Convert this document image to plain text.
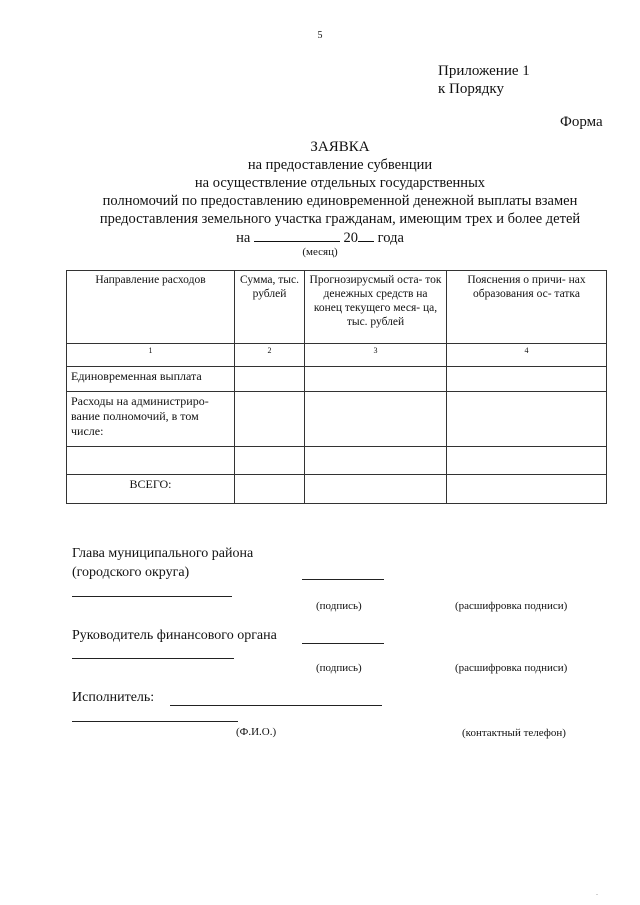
5
Приложение 1
к Порядку
Форма
ЗАЯВКА
на предоставление субвенции
на осуществление отдельных государственных
полномочий по предоставлению единовременной денежной выплаты взамен
предоставления земельного участка гражданам, имеющим трех и более детей
на	20 года
(месяц)
Направление расходов	Сумма, тыс. рублей	Прогнозирусмый оста- ток денежных средств на конец текущего меся- ца, тыс. рублей	Пояснения о причи- нах образования ос- татка
1	2	3	4
Единовременная выплата			
Расходы на администриро- вание полномочий, в том числе:			

ВСЕГО:			
Глава муниципального района
(городского округа)
(подпись)	(расшифровка подниси)
Руководитель финансового органа
(подпись)	(расшифровка подниси)
Исполнитель:
(Ф.И.О.)	(контактный телефон)
.
